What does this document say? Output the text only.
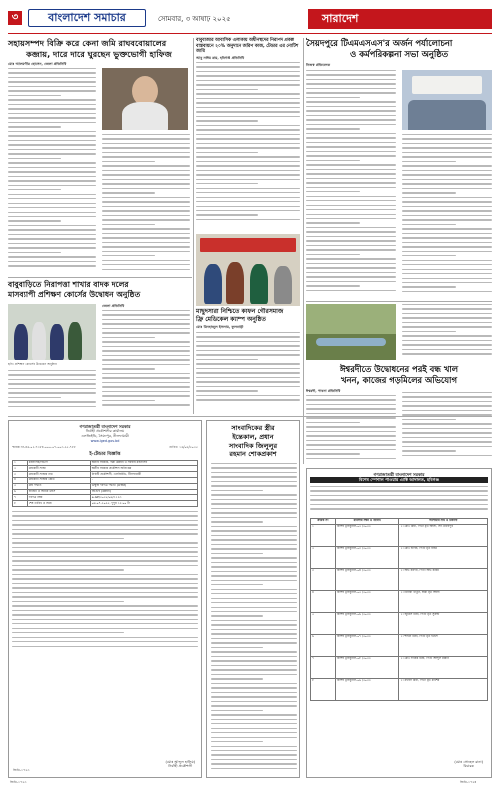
৩	বাংলাদেশ সমাচার	সোমবার, ৩ আষাঢ় ২০২৫	সারাদেশ
সহায়সম্পদ বিক্রি করে কেনা জমি রাঘববোয়ালের
কব্জায়, দারে দারে ঘুরছেন ভুক্তভোগী হাফিজ
মোঃ আলমগীর হোসেন, জেলা প্রতিনিধি
বাবুবাজার আবাসিক এলাকায় অধীনস্থদের নিরাপদ প্রকল্প
বাস্তবায়নে ২০% অনুদানে জরিপ কাজ, টেন্ডার এর নোটিশ জারি
আবু নাঈম রায়, হবিগঞ্জ প্রতিনিধি
সৈয়দপুরে টিএমএসএস'র অর্জন পর্যালোচনা
ও কর্মপরিকল্পনা সভা অনুষ্ঠিত
নিজস্ব প্রতিবেদক
মাছুদসারা নিশ্চিতে কাফন গৌরসমাজ
ফ্রি মেডিকেল ক্যাম্প অনুষ্ঠিত
মোঃ মিনহাজুল ইসলাম, ফুলবাড়ী
বাবুবাড়িতে নিরাপত্তা শাখার বাদক দলের
মাসব্যাপী প্রশিক্ষণ কোর্সের উদ্বোধন অনুষ্ঠিত
ছবি: প্রশিক্ষণ কোর্সের উদ্বোধন অনুষ্ঠান
জেলা প্রতিনিধি
ঈশ্বরদীতে উদ্বোধনের পরই বন্ধ খাল
খনন, কাজের গড়মিলের অভিযোগ
ঈশ্বরদী, পাবনা প্রতিনিধি
সাংবাদিকের স্ত্রীর
ইন্তেকাল, প্রধান
সাংবাদিক জিলুলুর
রহমান শোকপ্রকাশ
গণপ্রজাতন্ত্রী বাংলাদেশ সরকার
নির্বাহী প্রকৌশলীর কার্যালয়
এলজিইডি, সৈয়দপুর, নীলফামারী
www.lged.gov.bd
স্মারক নং-৪৬.০২.৭৩৮৪.০০০.০৭.০০৩.২৫-৭৮৮	তারিখ: ১৬/০৬/২০২৫
ই-টেন্ডার বিজ্ঞপ্তি
১	মন্ত্রণালয়/বিভাগ	স্থানীয় সরকার, পল্লী উন্নয়ন ও সমবায় মন্ত্রণালয়
২	ক্রয়কারী সংস্থা	স্থানীয় সরকার প্রকৌশল অধিদপ্তর
৩	ক্রয়কারী সংস্থার নাম	নির্বাহী প্রকৌশলী, এলজিইডি, নীলফামারী
৪	ক্রয়কারী সংস্থার কোড	-
৫	ক্রয় পদ্ধতি	উন্মুক্ত দরপত্র পদ্ধতি (OTM)
৬	বাজেট ও অর্থের উৎস	জিওবি (উন্নয়ন)
৭	দরপত্র নম্বর	e-GP/২০২৫/০৬/১১২৩
৮	শেষ তারিখ ও সময়	০৬-০৭-২০২৫, দুপুর ১২:০০ টা
(মোঃ আব্দুল হালিম)
নির্বাহী প্রকৌশলী
জিডি-১৭২৩
গণপ্রজাতন্ত্রী বাংলাদেশ সরকার
বিশেষ স্পেশাল পাওয়ার এ্যাক্ট আদালত, হবিগঞ্জ
ক্রমিক নং	মামলার নম্বর ও তারিখ	আসামীর নাম ও ঠিকানা
১	বিশেষ ট্রাইবুনাল-০২ /২০২৩	১। মোঃ মিয়া, পিতা মৃত আলী, সাং মাধবপুর
২	বিশেষ ট্রাইবুনাল-০৩ /২০২৩	১। মোঃ হাবিব, পিতা মৃত রহিম
৩	বিশেষ ট্রাইবুনাল-০৪ /২০২৩	১। আঃ কাদির, পিতা আঃ করিম
৪	বিশেষ ট্রাইবুনাল-০৫ /২০২৩	১। মিনারা খাতুন, স্বামী মৃত আলী
৫	বিশেষ ট্রাইবুনাল-০৬ /২০২৩	১। জুয়েল মিয়া, পিতা মৃত সুরুজ
৬	বিশেষ ট্রাইবুনাল-০৭ /২০২৩	১। শাহীন মিয়া, পিতা মৃত ইদ্রিস
৭	বিশেষ ট্রাইবুনাল-০৮ /২০২৩	১। মোঃ ফারুক মিয়া, পিতা আব্দুল মান্নান
৮	বিশেষ ট্রাইবুনাল-০৯ /২০২৩	১। রুবেল মিয়া, পিতা মৃত কাশেম
(মোঃ সোহেল রানা)
বিচারক
জিডি-১৭২৩	জিডি-১৭২৪
